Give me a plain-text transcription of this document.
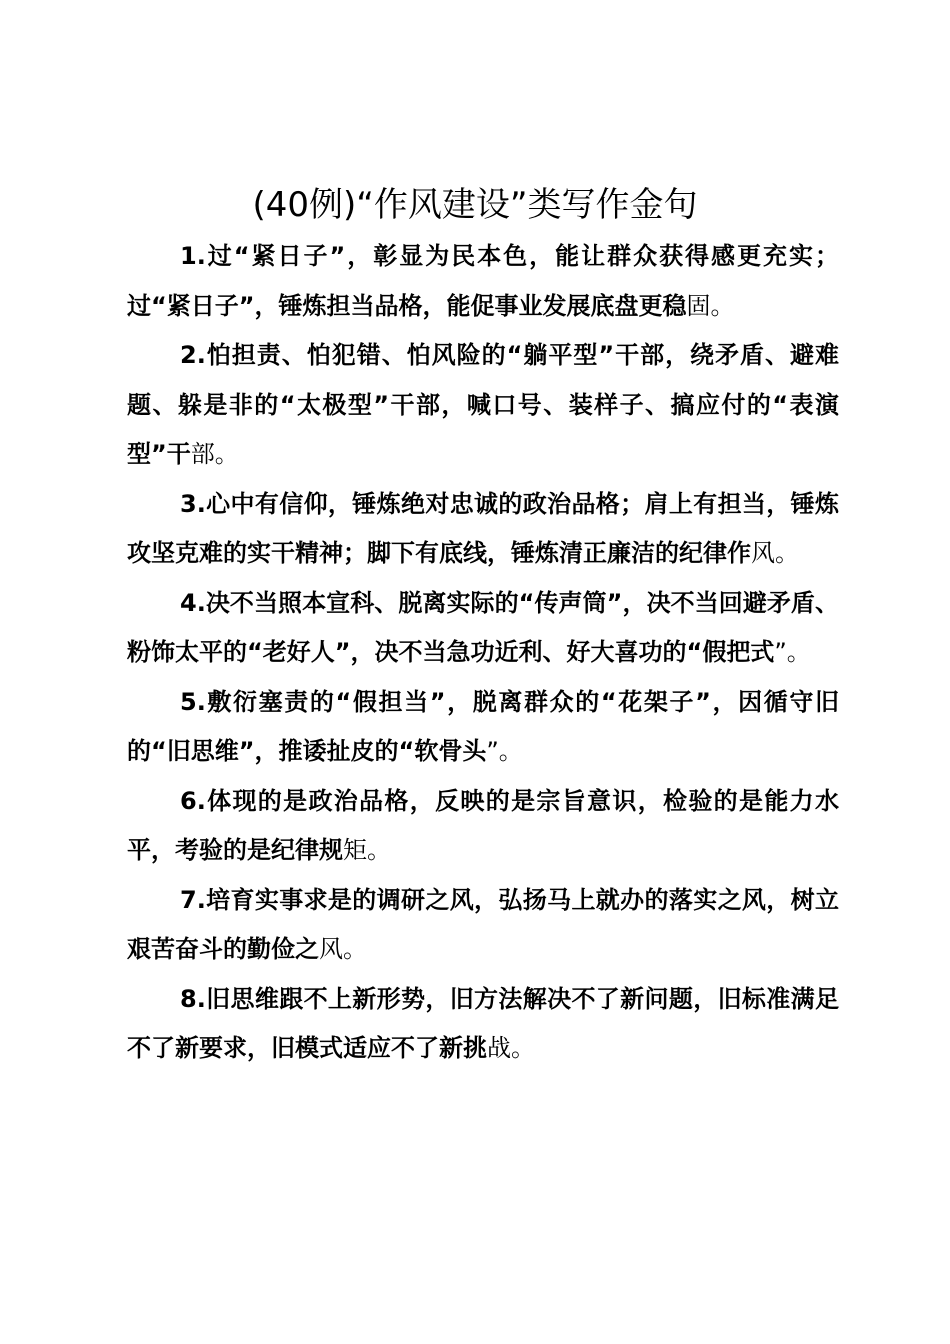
(40例)“作风建设”类写作金句

1.过“紧日子”，彰显为民本色，能让群众获得感更充实；过“紧日子”，锤炼担当品格，能促事业发展底盘更稳固。

2.怕担责、怕犯错、怕风险的“躺平型”干部，绕矛盾、避难题、躲是非的“太极型”干部，喊口号、装样子、搞应付的“表演型”干部。

3.心中有信仰，锤炼绝对忠诚的政治品格；肩上有担当，锤炼攻坚克难的实干精神；脚下有底线，锤炼清正廉洁的纪律作风。

4.决不当照本宣科、脱离实际的“传声筒”，决不当回避矛盾、粉饰太平的“老好人”，决不当急功近利、好大喜功的“假把式”。

5.敷衍塞责的“假担当”，脱离群众的“花架子”，因循守旧的“旧思维”，推诿扯皮的“软骨头”。

6.体现的是政治品格，反映的是宗旨意识，检验的是能力水平，考验的是纪律规矩。

7.培育实事求是的调研之风，弘扬马上就办的落实之风，树立艰苦奋斗的勤俭之风。

8.旧思维跟不上新形势，旧方法解决不了新问题，旧标准满足不了新要求，旧模式适应不了新挑战。
